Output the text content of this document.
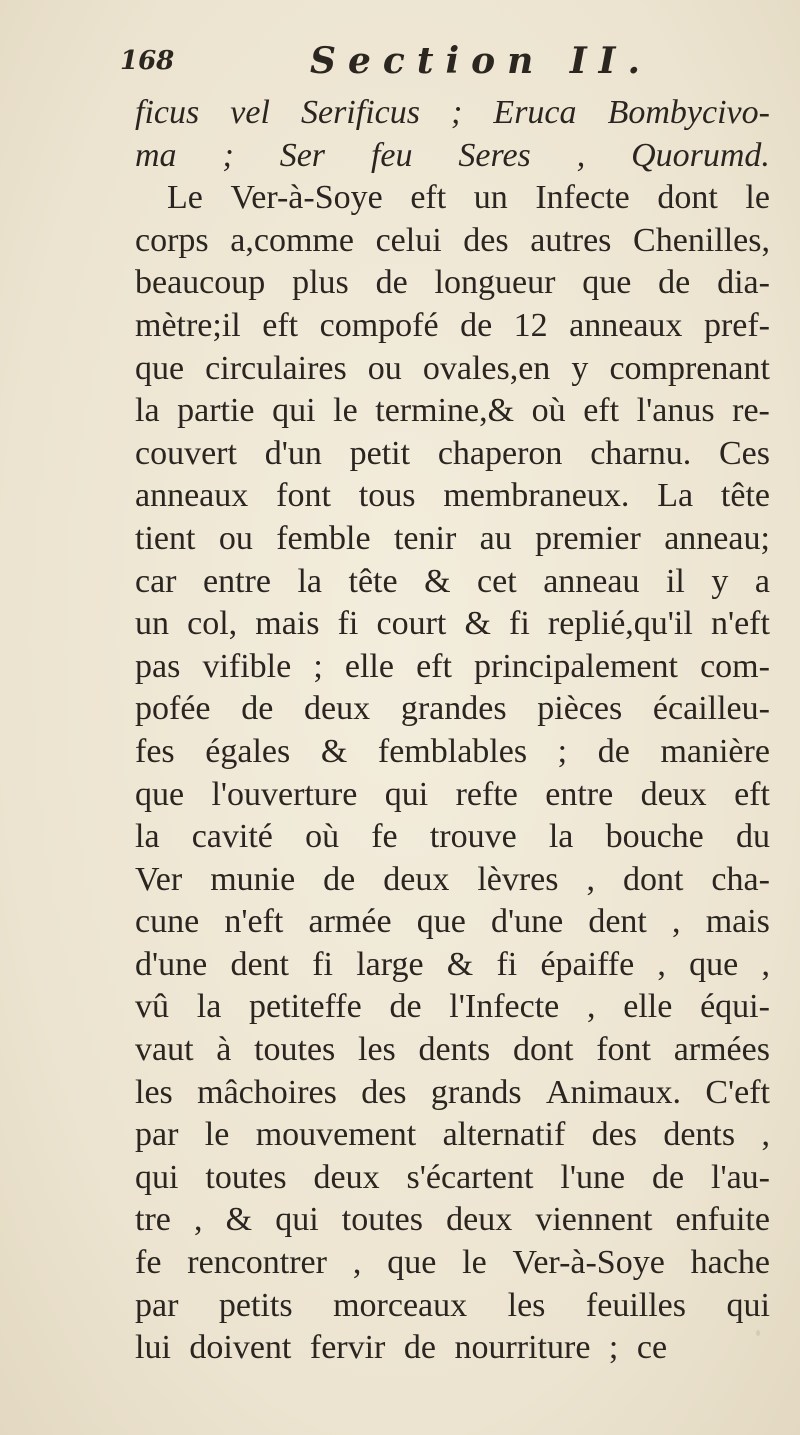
168	Section II.
ficus vel Serificus ; Eruca Bombycivo-
ma ; Ser feu Seres , Quorumd.
Le Ver-à-Soye eft un Infecte dont le
corps a,comme celui des autres Chenilles,
beaucoup plus de longueur que de dia-
mètre;il eft compofé de 12 anneaux pref-
que circulaires ou ovales,en y comprenant
la partie qui le termine,& où eft l'anus re-
couvert d'un petit chaperon charnu. Ces
anneaux font tous membraneux. La tête
tient ou femble tenir au premier anneau;
car entre la tête & cet anneau il y a
un col, mais fi court & fi replié,qu'il n'eft
pas vifible ; elle eft principalement com-
pofée de deux grandes pièces écailleu-
fes égales & femblables ; de manière
que l'ouverture qui refte entre deux eft
la cavité où fe trouve la bouche du
Ver munie de deux lèvres , dont cha-
cune n'eft armée que d'une dent , mais
d'une dent fi large & fi épaiffe , que ,
vû la petiteffe de l'Infecte , elle équi-
vaut à toutes les dents dont font armées
les mâchoires des grands Animaux. C'eft
par le mouvement alternatif des dents ,
qui toutes deux s'écartent l'une de l'au-
tre , & qui toutes deux viennent enfuite
fe rencontrer , que le Ver-à-Soye hache
par petits morceaux les feuilles qui
lui doivent fervir de nourriture ; ce
